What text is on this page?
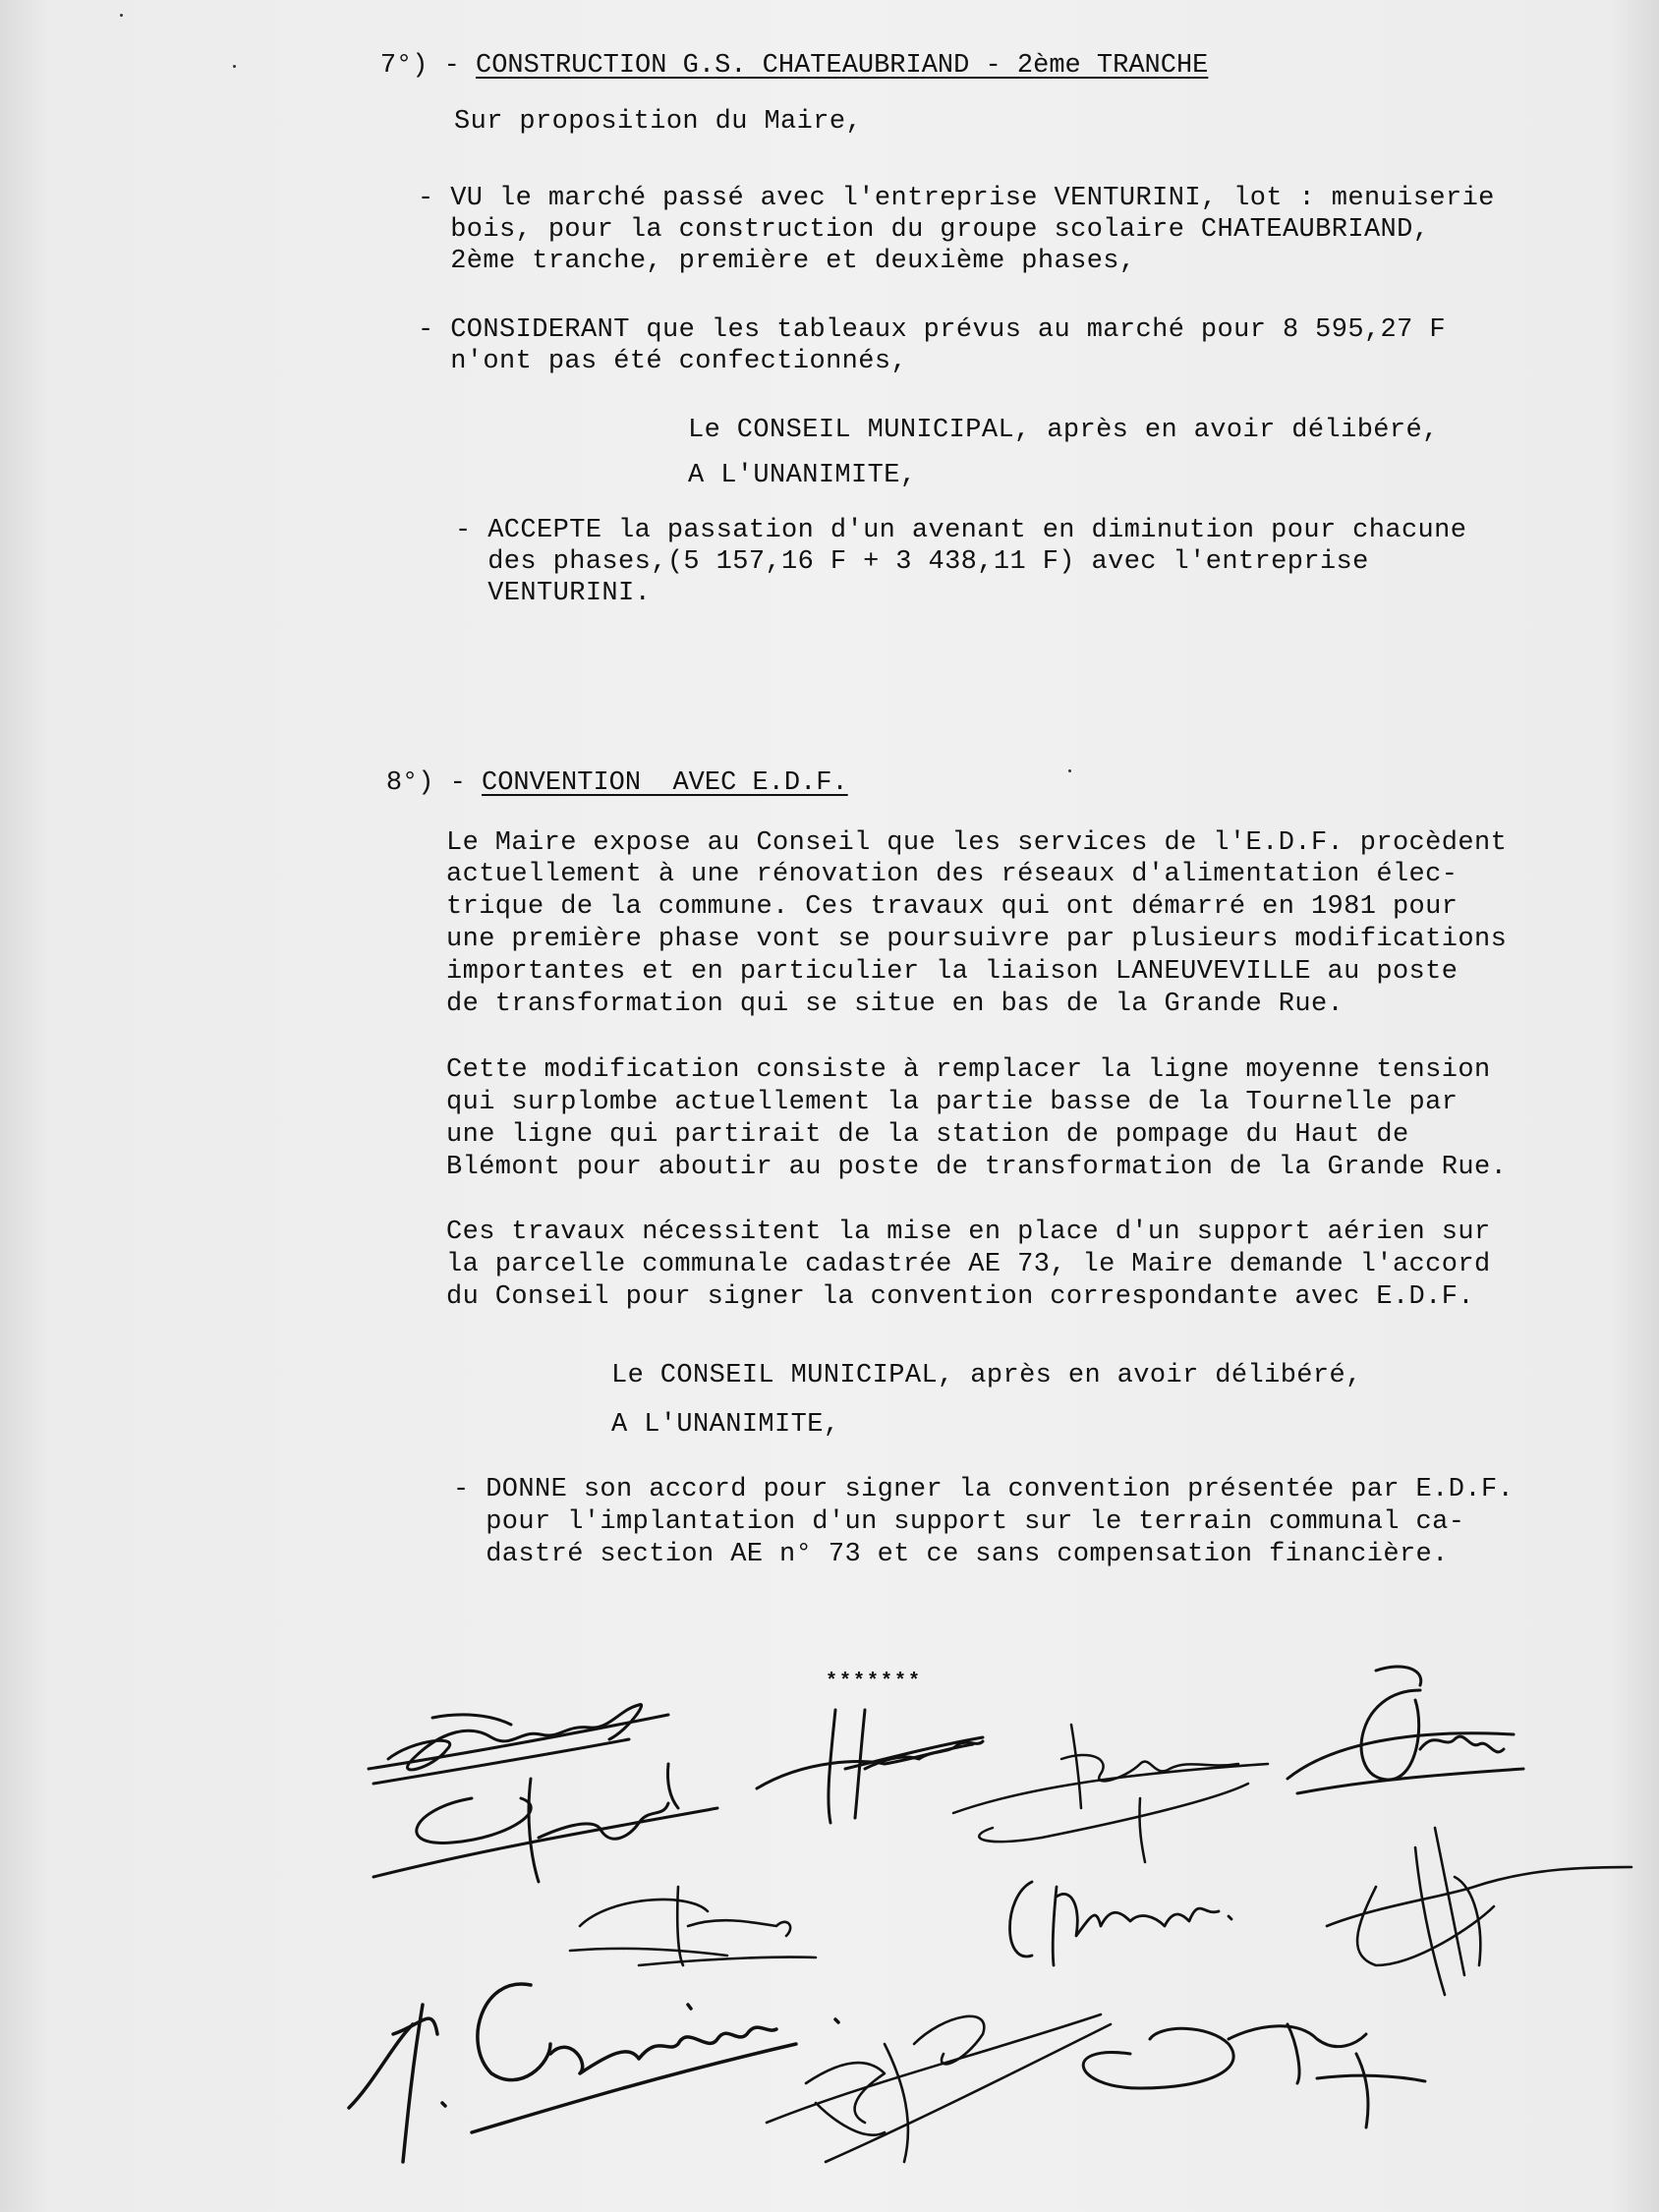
7°) - CONSTRUCTION G.S. CHATEAUBRIAND - 2ème TRANCHE

Sur proposition du Maire,
- VU le marché passé avec l'entreprise VENTURINI, lot : menuiserie
bois, pour la construction du groupe scolaire CHATEAUBRIAND,
2ème tranche, première et deuxième phases,
- CONSIDERANT que les tableaux prévus au marché pour 8 595,27 F
n'ont pas été confectionnés,
Le CONSEIL MUNICIPAL, après en avoir délibéré,
A L'UNANIMITE,
- ACCEPTE la passation d'un avenant en diminution pour chacune
des phases,(5 157,16 F + 3 438,11 F) avec l'entreprise
VENTURINI.

8°) - CONVENTION  AVEC E.D.F.

Le Maire expose au Conseil que les services de l'E.D.F. procèdent
actuellement à une rénovation des réseaux d'alimentation élec-
trique de la commune. Ces travaux qui ont démarré en 1981 pour
une première phase vont se poursuivre par plusieurs modifications
importantes et en particulier la liaison LANEUVEVILLE au poste
de transformation qui se situe en bas de la Grande Rue.
Cette modification consiste à remplacer la ligne moyenne tension
qui surplombe actuellement la partie basse de la Tournelle par
une ligne qui partirait de la station de pompage du Haut de
Blémont pour aboutir au poste de transformation de la Grande Rue.
Ces travaux nécessitent la mise en place d'un support aérien sur
la parcelle communale cadastrée AE 73, le Maire demande l'accord
du Conseil pour signer la convention correspondante avec E.D.F.
Le CONSEIL MUNICIPAL, après en avoir délibéré,
A L'UNANIMITE,
- DONNE son accord pour signer la convention présentée par E.D.F.
pour l'implantation d'un support sur le terrain communal ca-
dastré section AE n° 73 et ce sans compensation financière.
*******
